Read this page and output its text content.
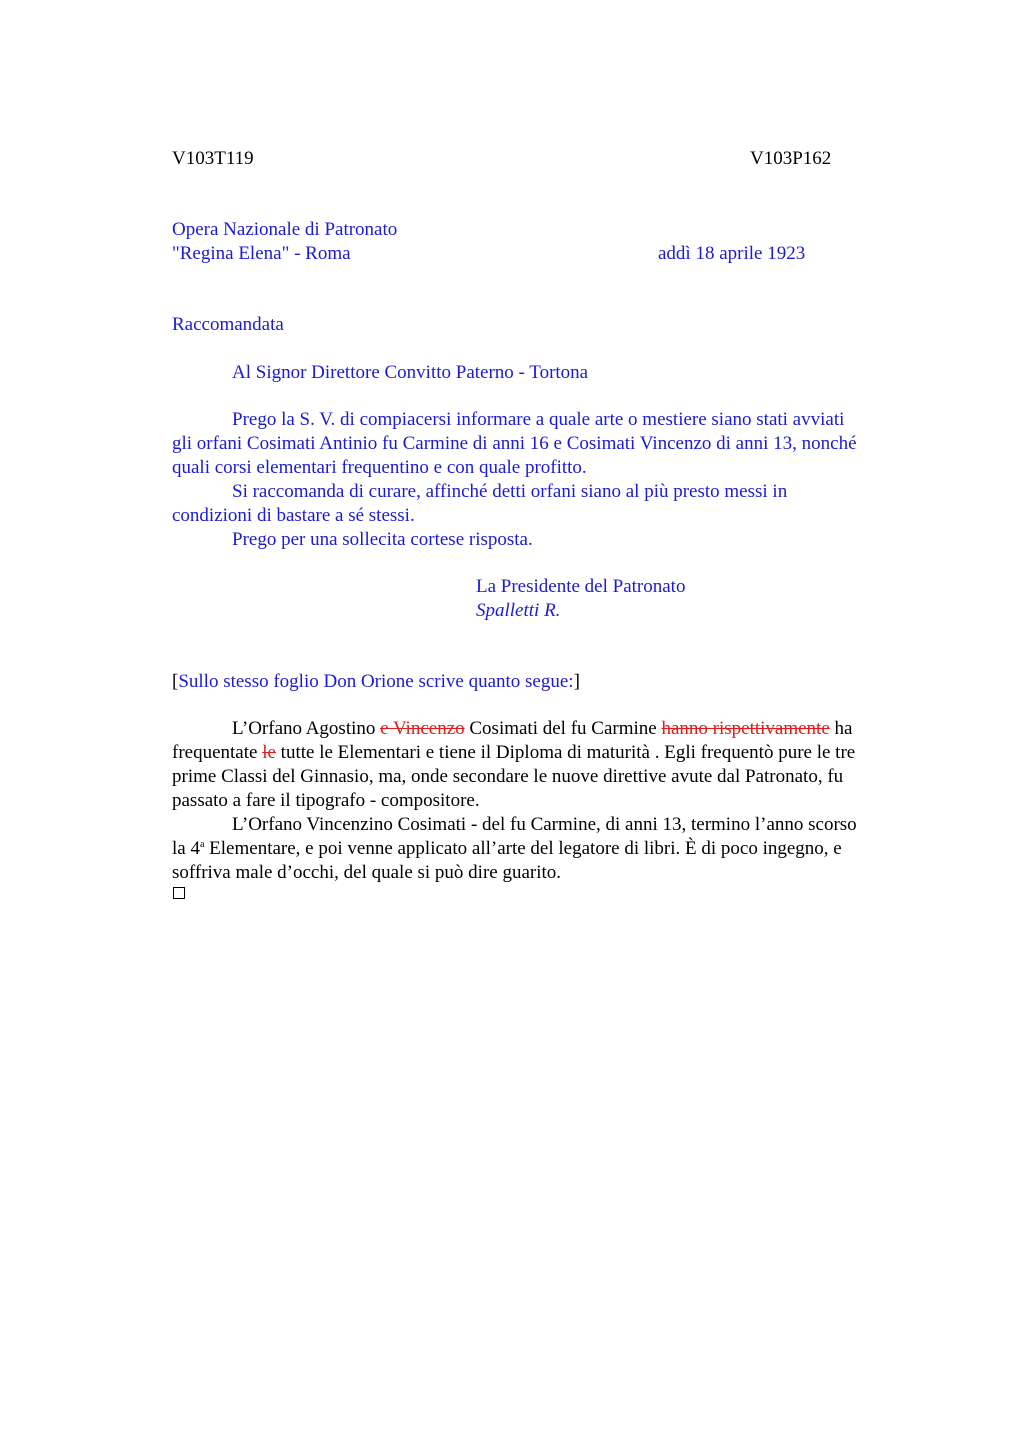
V103T119	V103P162
Opera Nazionale di Patronato
"Regina Elena" - Roma	addì 18 aprile 1923
Raccomandata
Al Signor Direttore Convitto Paterno - Tortona
Prego la S. V. di compiacersi informare a quale arte o mestiere siano stati avviati
gli orfani Cosimati Antinio fu Carmine di anni 16 e Cosimati Vincenzo di anni 13, nonché
quali corsi elementari frequentino e con quale profitto.
Si raccomanda di curare, affinché detti orfani siano al più presto messi in
condizioni di bastare a sé stessi.
Prego per una sollecita cortese risposta.
La Presidente del Patronato
Spalletti R.
[Sullo stesso foglio Don Orione scrive quanto segue:]
L’Orfano Agostino e Vincenzo Cosimati del fu Carmine hanno rispettivamente ha
frequentate le tutte le Elementari e tiene il Diploma di maturità . Egli frequentò pure le tre
prime Classi del Ginnasio, ma, onde secondare le nuove direttive avute dal Patronato, fu
passato a fare il tipografo - compositore.
L’Orfano Vincenzino Cosimati - del fu Carmine, di anni 13, termino l’anno scorso
la 4$^a$ Elementare, e poi venne applicato all’arte del legatore di libri. È di poco ingegno, e
soffriva male d’occhi, del quale si può dire guarito.
